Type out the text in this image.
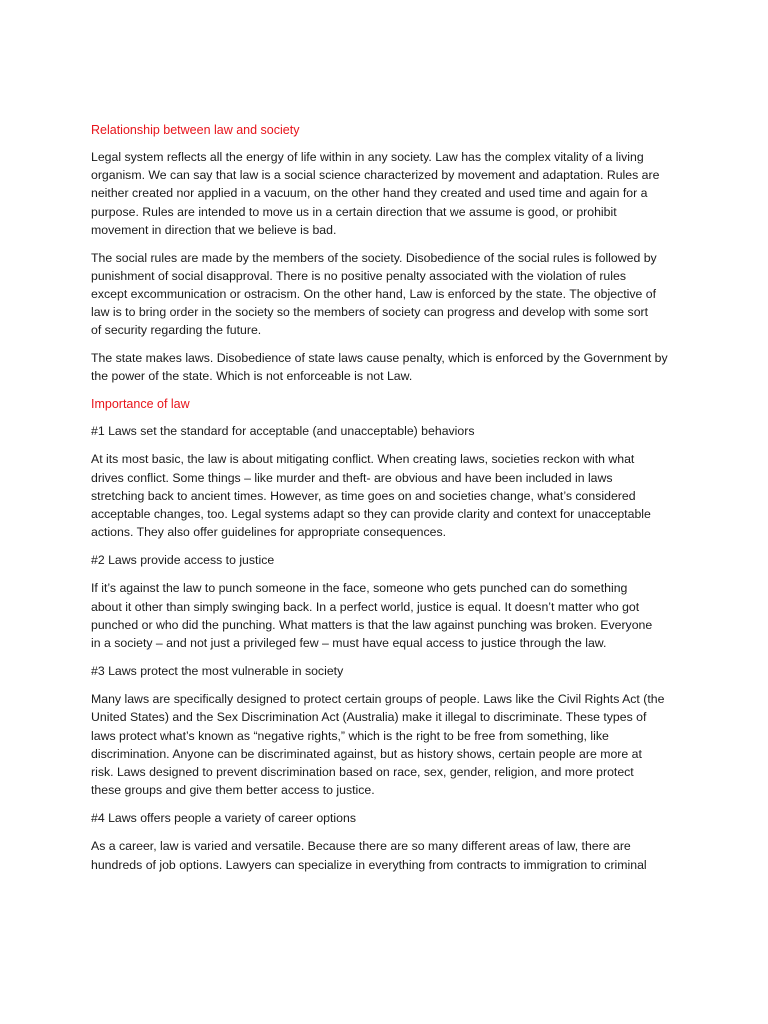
Relationship between law and society
Legal system reflects all the energy of life within in any society. Law has the complex vitality of a living
organism. We can say that law is a social science characterized by movement and adaptation. Rules are
neither created nor applied in a vacuum, on the other hand they created and used time and again for a
purpose. Rules are intended to move us in a certain direction that we assume is good, or prohibit
movement in direction that we believe is bad.
The social rules are made by the members of the society. Disobedience of the social rules is followed by
punishment of social disapproval. There is no positive penalty associated with the violation of rules
except excommunication or ostracism. On the other hand, Law is enforced by the state. The objective of
law is to bring order in the society so the members of society can progress and develop with some sort
of security regarding the future.
The state makes laws. Disobedience of state laws cause penalty, which is enforced by the Government by
the power of the state. Which is not enforceable is not Law.
Importance of law
#1 Laws set the standard for acceptable (and unacceptable) behaviors
At its most basic, the law is about mitigating conflict. When creating laws, societies reckon with what
drives conflict. Some things – like murder and theft- are obvious and have been included in laws
stretching back to ancient times. However, as time goes on and societies change, what’s considered
acceptable changes, too. Legal systems adapt so they can provide clarity and context for unacceptable
actions. They also offer guidelines for appropriate consequences.
#2 Laws provide access to justice
If it’s against the law to punch someone in the face, someone who gets punched can do something
about it other than simply swinging back. In a perfect world, justice is equal. It doesn’t matter who got
punched or who did the punching. What matters is that the law against punching was broken. Everyone
in a society – and not just a privileged few – must have equal access to justice through the law.
#3 Laws protect the most vulnerable in society
Many laws are specifically designed to protect certain groups of people. Laws like the Civil Rights Act (the
United States) and the Sex Discrimination Act (Australia) make it illegal to discriminate. These types of
laws protect what’s known as “negative rights,” which is the right to be free from something, like
discrimination. Anyone can be discriminated against, but as history shows, certain people are more at
risk. Laws designed to prevent discrimination based on race, sex, gender, religion, and more protect
these groups and give them better access to justice.
#4 Laws offers people a variety of career options
As a career, law is varied and versatile. Because there are so many different areas of law, there are
hundreds of job options. Lawyers can specialize in everything from contracts to immigration to criminal
